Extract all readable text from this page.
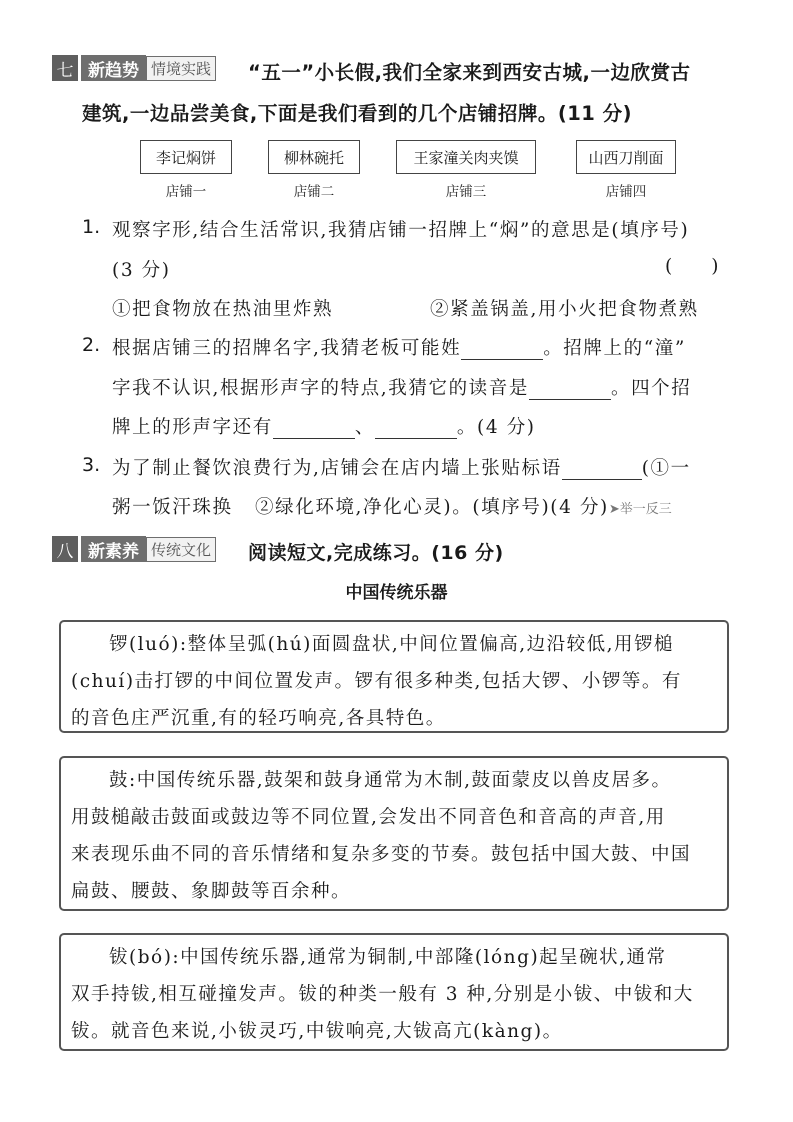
七 新趋势 情境实践 “五一”小长假,我们全家来到西安古城,一边欣赏古
建筑,一边品尝美食,下面是我们看到的几个店铺招牌。(11 分)
李记焖饼	柳林碗托	王家潼关肉夹馍	山西刀削面
店铺一	店铺二	店铺三	店铺四
1. 观察字形,结合生活常识,我猜店铺一招牌上“焖”的意思是(填序号)
(3 分)	(     )
①把食物放在热油里炸熟	②紧盖锅盖,用小火把食物煮熟
2. 根据店铺三的招牌名字,我猜老板可能姓	。招牌上的“潼”
字我不认识,根据形声字的特点,我猜它的读音是	。四个招
牌上的形声字还有	、	。(4 分)
3. 为了制止餐饮浪费行为,店铺会在店内墙上张贴标语	(①一
粥一饭汗珠换   ②绿化环境,净化心灵)。(填序号)(4 分)➤举一反三
八 新素养 传统文化 阅读短文,完成练习。(16 分)
中国传统乐器
锣(luó):整体呈弧(hú)面圆盘状,中间位置偏高,边沿较低,用锣槌
(chuí)击打锣的中间位置发声。锣有很多种类,包括大锣、小锣等。有
的音色庄严沉重,有的轻巧响亮,各具特色。
鼓:中国传统乐器,鼓架和鼓身通常为木制,鼓面蒙皮以兽皮居多。
用鼓槌敲击鼓面或鼓边等不同位置,会发出不同音色和音高的声音,用
来表现乐曲不同的音乐情绪和复杂多变的节奏。鼓包括中国大鼓、中国
扁鼓、腰鼓、象脚鼓等百余种。
钹(bó):中国传统乐器,通常为铜制,中部隆(lóng)起呈碗状,通常
双手持钹,相互碰撞发声。钹的种类一般有 3 种,分别是小钹、中钹和大
钹。就音色来说,小钹灵巧,中钹响亮,大钹高亢(kàng)。
